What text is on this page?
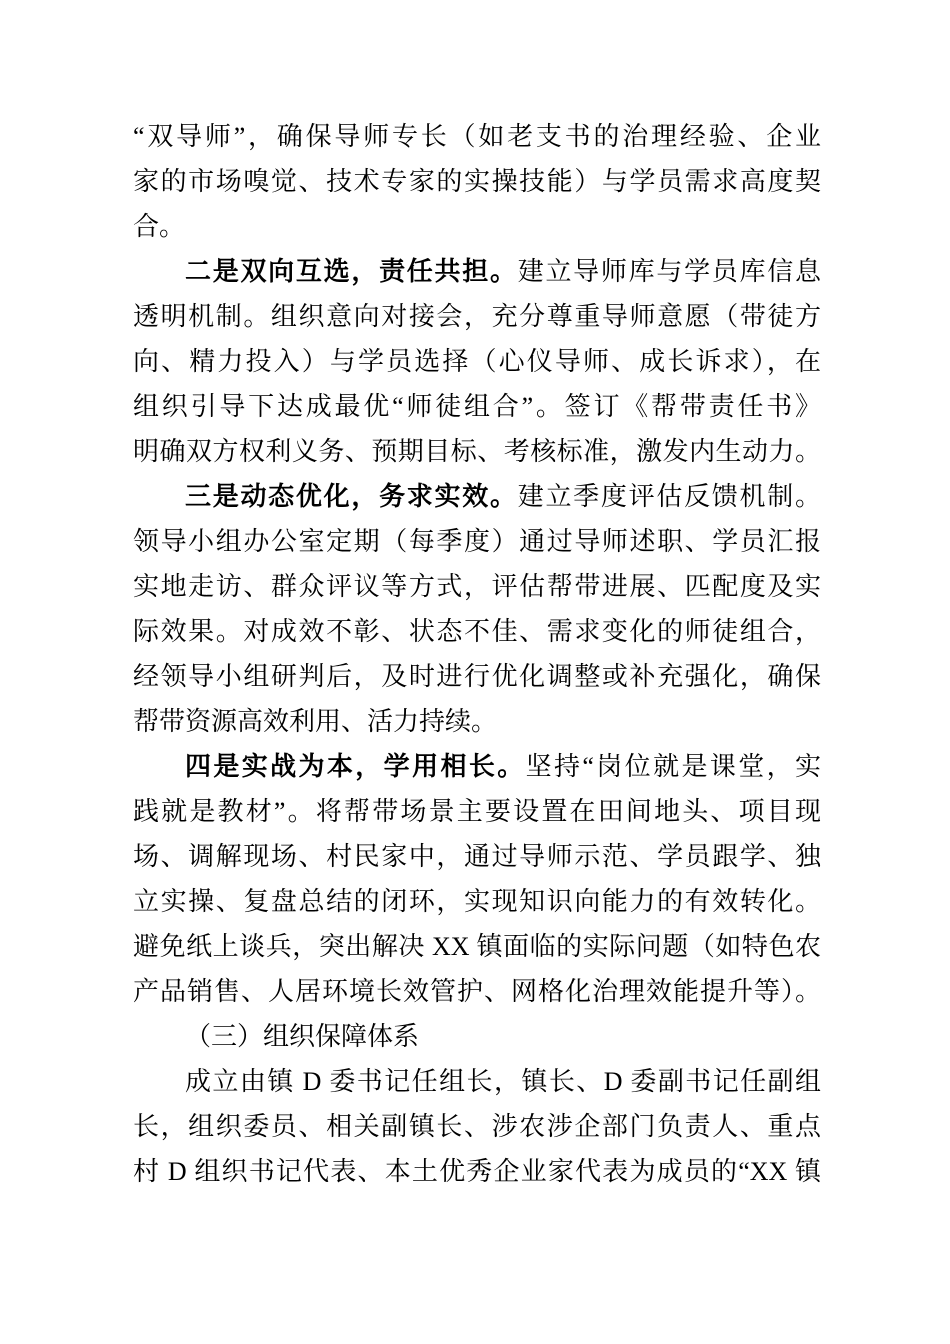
“双导师”，确保导师专长（如老支书的治理经验、企业
家的市场嗅觉、技术专家的实操技能）与学员需求高度契
合。
二是双向互选，责任共担。建立导师库与学员库信息
透明机制。组织意向对接会，充分尊重导师意愿（带徒方
向、精力投入）与学员选择（心仪导师、成长诉求），在
组织引导下达成最优“师徒组合”。签订《帮带责任书》
明确双方权利义务、预期目标、考核标准，激发内生动力。
三是动态优化，务求实效。建立季度评估反馈机制。
领导小组办公室定期（每季度）通过导师述职、学员汇报
实地走访、群众评议等方式，评估帮带进展、匹配度及实
际效果。对成效不彰、状态不佳、需求变化的师徒组合，
经领导小组研判后，及时进行优化调整或补充强化，确保
帮带资源高效利用、活力持续。
四是实战为本，学用相长。坚持“岗位就是课堂，实
践就是教材”。将帮带场景主要设置在田间地头、项目现
场、调解现场、村民家中，通过导师示范、学员跟学、独
立实操、复盘总结的闭环，实现知识向能力的有效转化。
避免纸上谈兵，突出解决 XX 镇面临的实际问题（如特色农
产品销售、人居环境长效管护、网格化治理效能提升等）。
（三）组织保障体系
成立由镇 D 委书记任组长，镇长、D 委副书记任副组
长，组织委员、相关副镇长、涉农涉企部门负责人、重点
村 D 组织书记代表、本土优秀企业家代表为成员的“XX 镇
